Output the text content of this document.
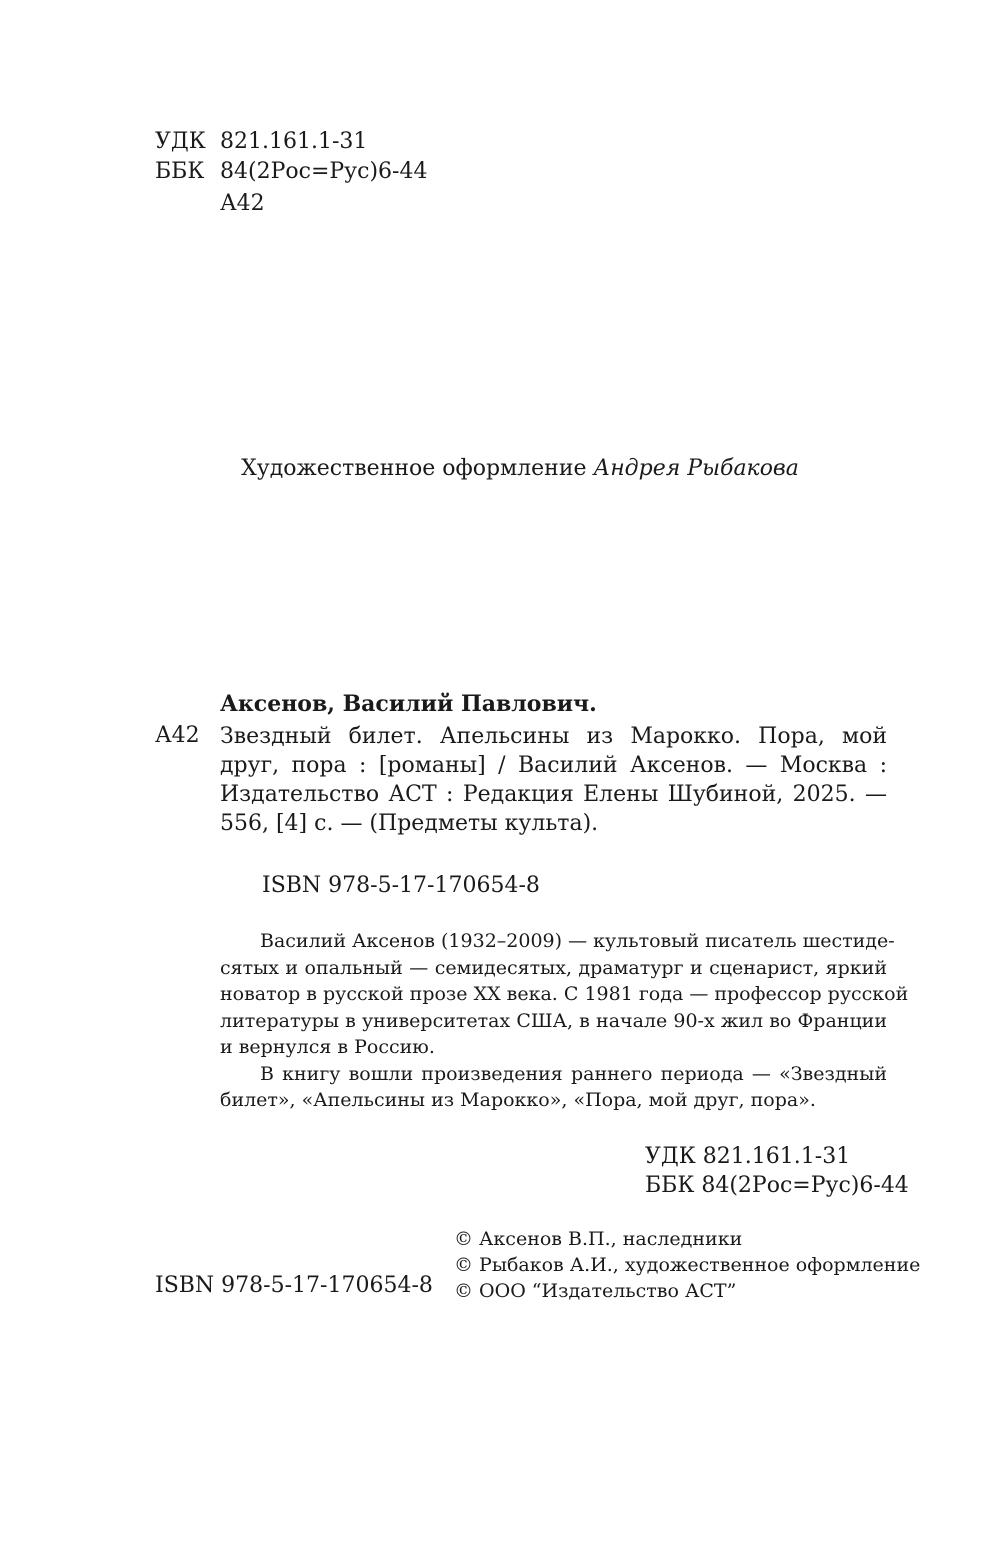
УДК 821.161.1-31
ББК 84(2Рос=Рус)6-44
А42
Художественное оформление Андрея Рыбакова
Аксенов, Василий Павлович.
А42 Звездный билет. Апельсины из Марокко. Пора, мой
друг, пора : [романы] / Василий Аксенов. — Москва :
Издательство АСТ : Редакция Елены Шубиной, 2025. —
556, [4] с. — (Предметы культа).
ISBN 978-5-17-170654-8
Василий Аксенов (1932–2009) — культовый писатель шестиде-
сятых и опальный — семидесятых, драматург и сценарист, яркий
новатор в русской прозе XX века. С 1981 года — профессор русской
литературы в университетах США, в начале 90-х жил во Франции
и вернулся в Россию.
В книгу вошли произведения раннего периода — «Звездный
билет», «Апельсины из Марокко», «Пора, мой друг, пора».
УДК 821.161.1-31
ББК 84(2Рос=Рус)6-44
ISBN 978-5-17-170654-8
© Аксенов В.П., наследники
© Рыбаков А.И., художественное оформление
© ООО “Издательство АСТ”
